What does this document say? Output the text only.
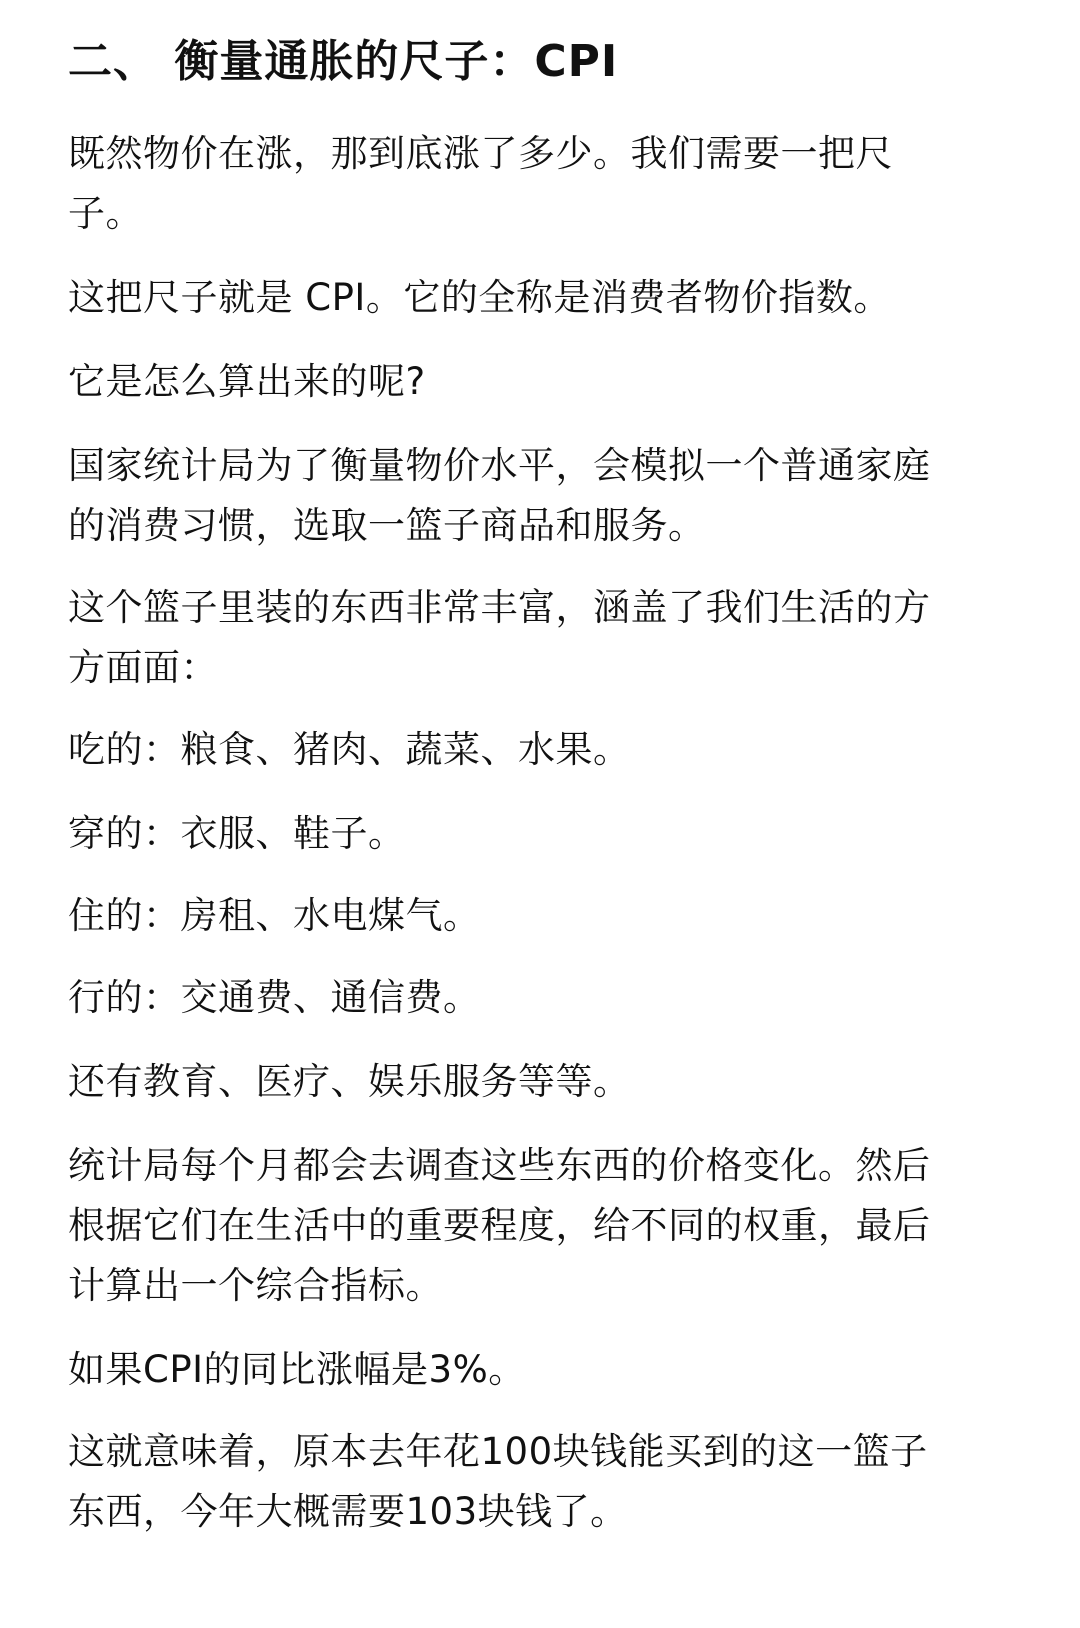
二、 衡量通胀的尺子：CPI

既然物价在涨，那到底涨了多少。我们需要一把尺子。

这把尺子就是 CPI。它的全称是消费者物价指数。

它是怎么算出来的呢?

国家统计局为了衡量物价水平，会模拟一个普通家庭的消费习惯，选取一篮子商品和服务。

这个篮子里装的东西非常丰富，涵盖了我们生活的方方面面：

吃的：粮食、猪肉、蔬菜、水果。

穿的：衣服、鞋子。

住的：房租、水电煤气。

行的：交通费、通信费。

还有教育、医疗、娱乐服务等等。

统计局每个月都会去调查这些东西的价格变化。然后根据它们在生活中的重要程度，给不同的权重，最后计算出一个综合指标。

如果CPI的同比涨幅是3%。

这就意味着，原本去年花100块钱能买到的这一篮子东西，今年大概需要103块钱了。
